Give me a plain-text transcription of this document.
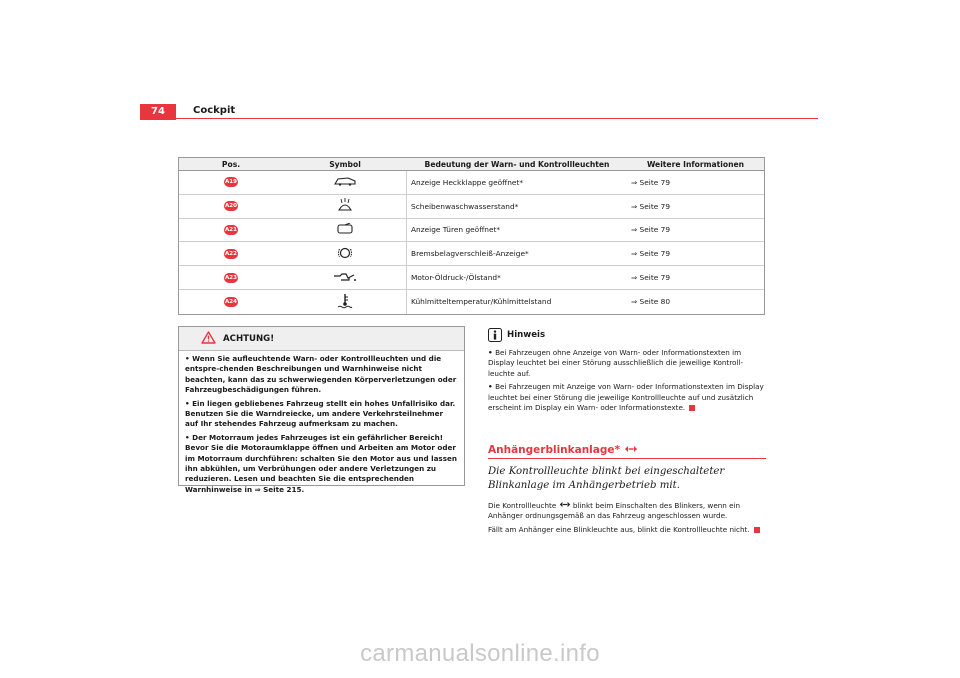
74	Cockpit
Pos.	Symbol	Bedeutung der Warn- und Kontrollleuchten	Weitere Informationen
A19	Anzeige Heckklappe geöffnet*	⇒ Seite 79
A20	Scheibenwaschwasserstand*	⇒ Seite 79
A21	Anzeige Türen geöffnet*	⇒ Seite 79
A22	Bremsbelagverschleiß-Anzeige*	⇒ Seite 79
A23	Motor-Öldruck-/Ölstand*	⇒ Seite 79
A24	Kühlmitteltemperatur/Kühlmittelstand	⇒ Seite 80
ACHTUNG!

• Wenn Sie aufleuchtende Warn- oder Kontrollleuchten und die entspre-chenden Beschreibungen und Warnhinweise nicht beachten, kann das zu schwerwiegenden Körperverletzungen oder Fahrzeugbeschädigungen führen.

• Ein liegen gebliebenes Fahrzeug stellt ein hohes Unfallrisiko dar. Benutzen Sie die Warndreiecke, um andere Verkehrsteilnehmer auf Ihr stehendes Fahrzeug aufmerksam zu machen.

• Der Motorraum jedes Fahrzeuges ist ein gefährlicher Bereich! Bevor Sie die Motoraumklappe öffnen und Arbeiten am Motor oder im Motorraum durchführen: schalten Sie den Motor aus und lassen ihn abkühlen, um Verbrühungen oder andere Verletzungen zu reduzieren. Lesen und beachten Sie die entsprechenden Warnhinweise in ⇒ Seite 215.

Hinweis

• Bei Fahrzeugen ohne Anzeige von Warn- oder Informationstexten im Display leuchtet bei einer Störung ausschließlich die jeweilige Kontroll-leuchte auf.

• Bei Fahrzeugen mit Anzeige von Warn- oder Informationstexten im Display leuchtet bei einer Störung die jeweilige Kontrollleuchte auf und zusätzlich erscheint im Display ein Warn- oder Informationstexte.

Anhängerblinkanlage*
Die Kontrollleuchte blinkt bei eingeschalteter Blinkanlage im Anhängerbetrieb mit.

Die Kontrollleuchte blinkt beim Einschalten des Blinkers, wenn ein Anhänger ordnungsgemäß an das Fahrzeug angeschlossen wurde.

Fällt am Anhänger eine Blinkleuchte aus, blinkt die Kontrollleuchte nicht.

carmanualsonline.info
